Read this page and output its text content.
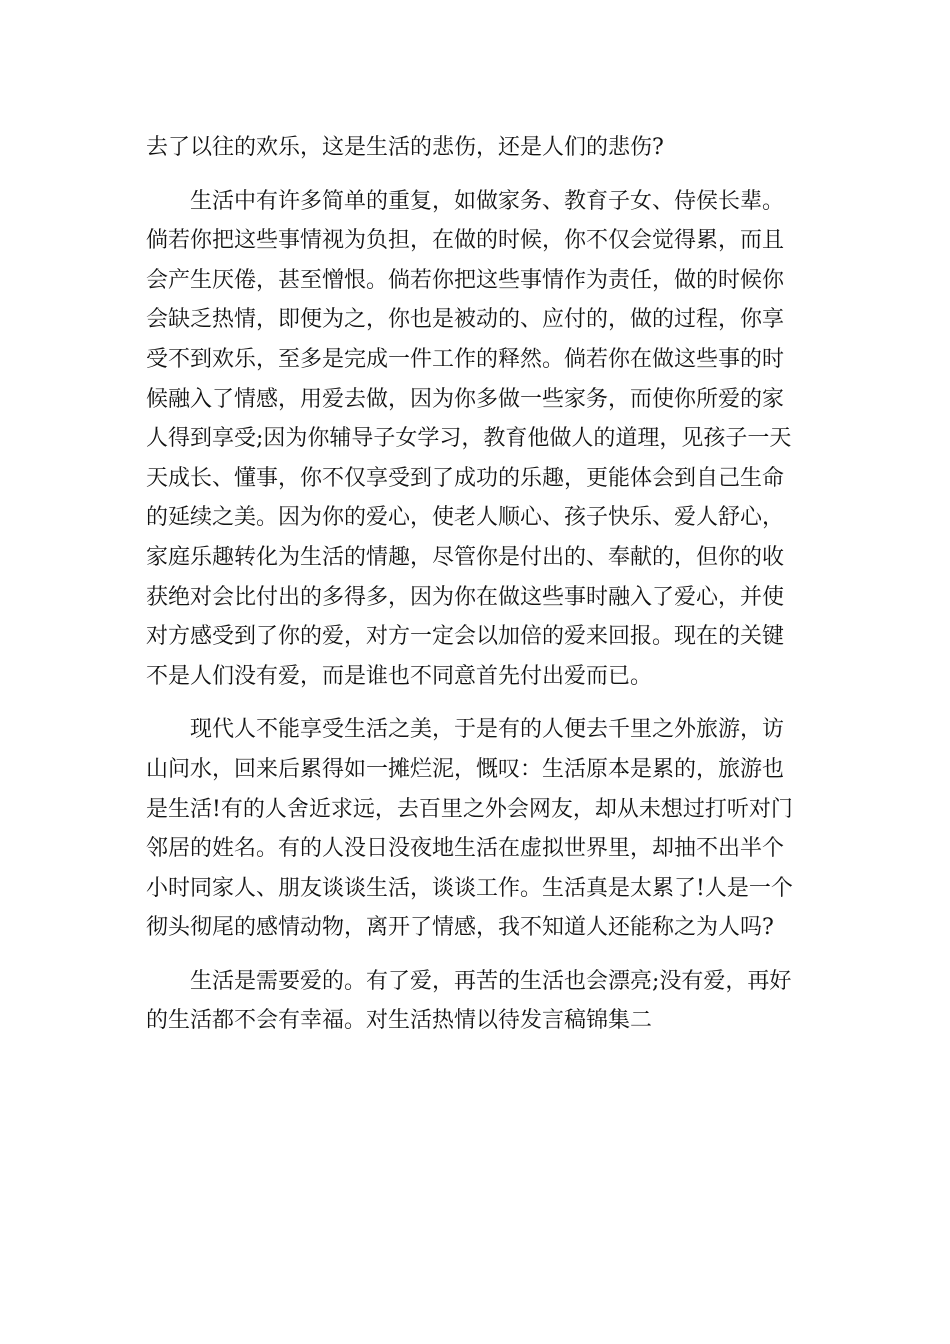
去了以往的欢乐，这是生活的悲伤，还是人们的悲伤?
生活中有许多简单的重复，如做家务、教育子女、侍侯长辈。
倘若你把这些事情视为负担，在做的时候，你不仅会觉得累，而且
会产生厌倦，甚至憎恨。倘若你把这些事情作为责任，做的时候你
会缺乏热情，即便为之，你也是被动的、应付的，做的过程，你享
受不到欢乐，至多是完成一件工作的释然。倘若你在做这些事的时
候融入了情感，用爱去做，因为你多做一些家务，而使你所爱的家
人得到享受;因为你辅导子女学习，教育他做人的道理，见孩子一天
天成长、懂事，你不仅享受到了成功的乐趣，更能体会到自己生命
的延续之美。因为你的爱心，使老人顺心、孩子快乐、爱人舒心，
家庭乐趣转化为生活的情趣，尽管你是付出的、奉献的，但你的收
获绝对会比付出的多得多，因为你在做这些事时融入了爱心，并使
对方感受到了你的爱，对方一定会以加倍的爱来回报。现在的关键
不是人们没有爱，而是谁也不同意首先付出爱而已。
现代人不能享受生活之美，于是有的人便去千里之外旅游，访
山问水，回来后累得如一摊烂泥，慨叹：生活原本是累的，旅游也
是生活!有的人舍近求远，去百里之外会网友，却从未想过打听对门
邻居的姓名。有的人没日没夜地生活在虚拟世界里，却抽不出半个
小时同家人、朋友谈谈生活，谈谈工作。生活真是太累了!人是一个
彻头彻尾的感情动物，离开了情感，我不知道人还能称之为人吗?
生活是需要爱的。有了爱，再苦的生活也会漂亮;没有爱，再好
的生活都不会有幸福。对生活热情以待发言稿锦集二
